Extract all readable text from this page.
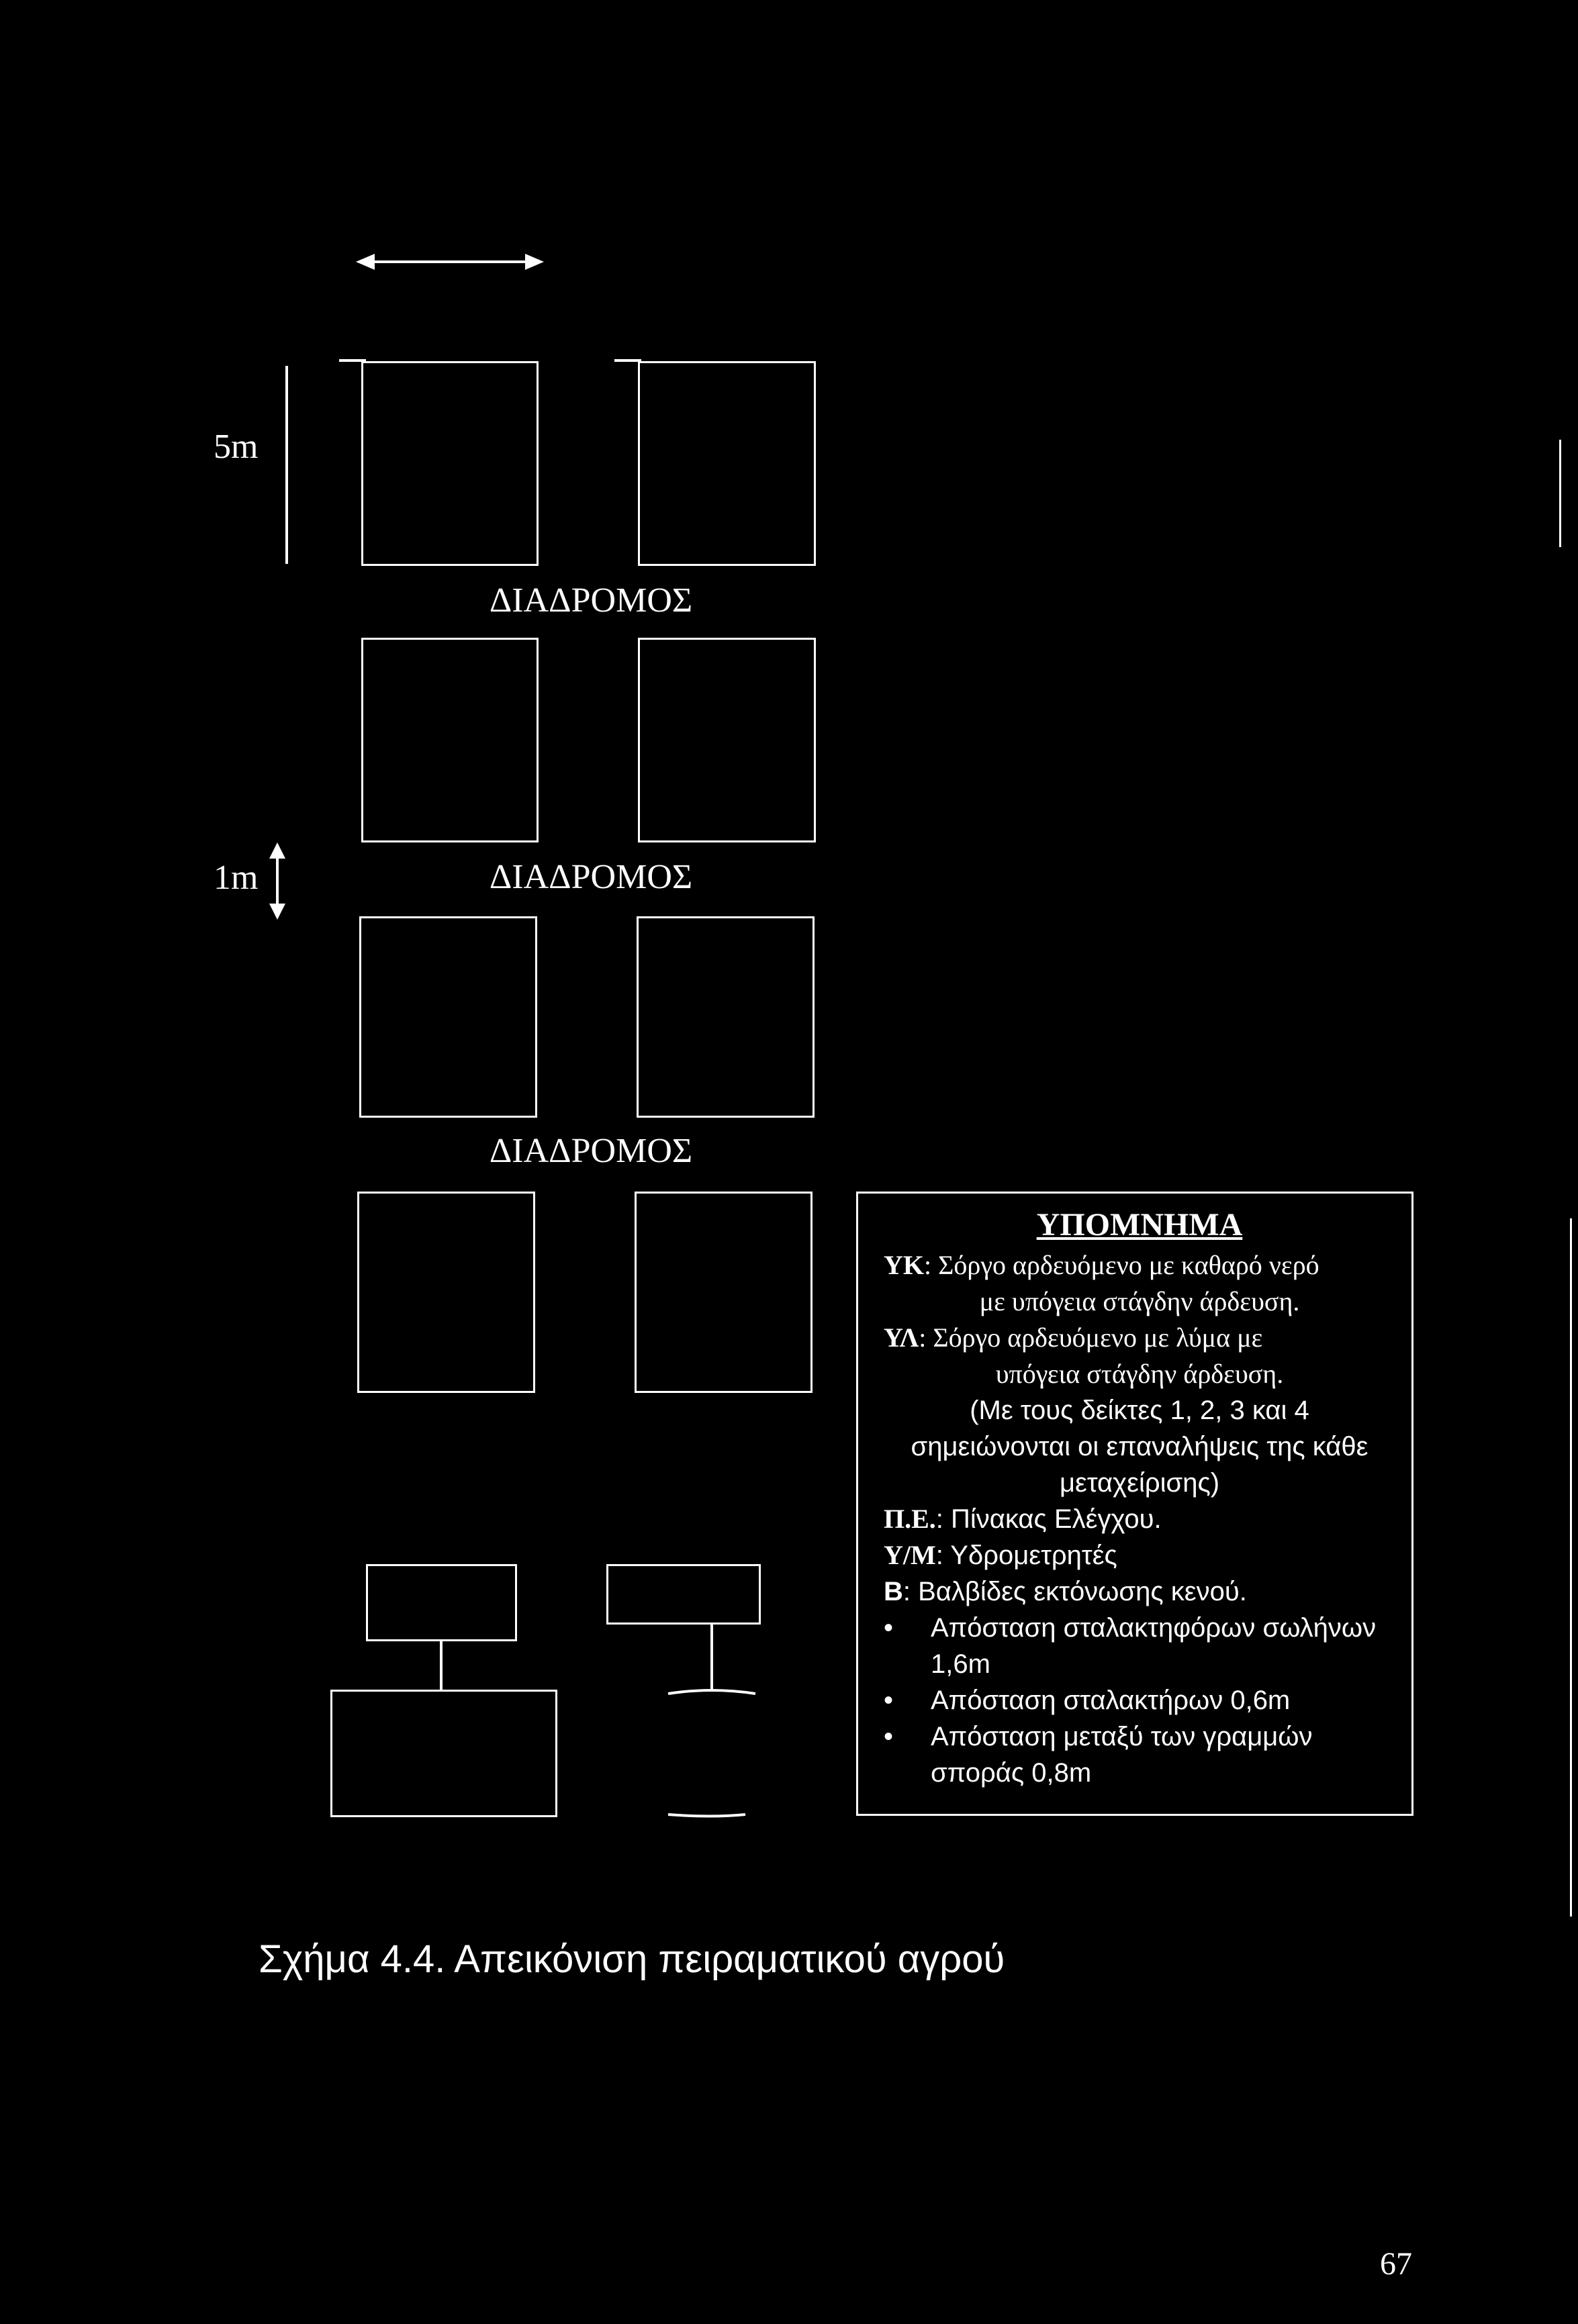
5m
1m
ΔΙΑΔΡΟΜΟΣ
ΔΙΑΔΡΟΜΟΣ
ΔΙΑΔΡΟΜΟΣ
ΥΠΟΜΝΗΜΑ
ΥΚ: Σόργο αρδευόμενο με καθαρό νερό
με υπόγεια στάγδην άρδευση.
ΥΛ: Σόργο αρδευόμενο με λύμα με
υπόγεια στάγδην άρδευση.
(Με τους δείκτες 1, 2, 3 και 4
σημειώνονται οι επαναλήψεις της κάθε
μεταχείρισης)
Π.Ε.: Πίνακας Ελέγχου.
Υ/Μ: Υδρομετρητές
Β: Βαλβίδες εκτόνωσης κενού.
• Απόσταση σταλακτηφόρων σωλήνων 1,6m
• Απόσταση σταλακτήρων 0,6m
• Απόσταση μεταξύ των γραμμών σποράς 0,8m
Σχήμα 4.4. Απεικόνιση πειραματικού αγρού
67
